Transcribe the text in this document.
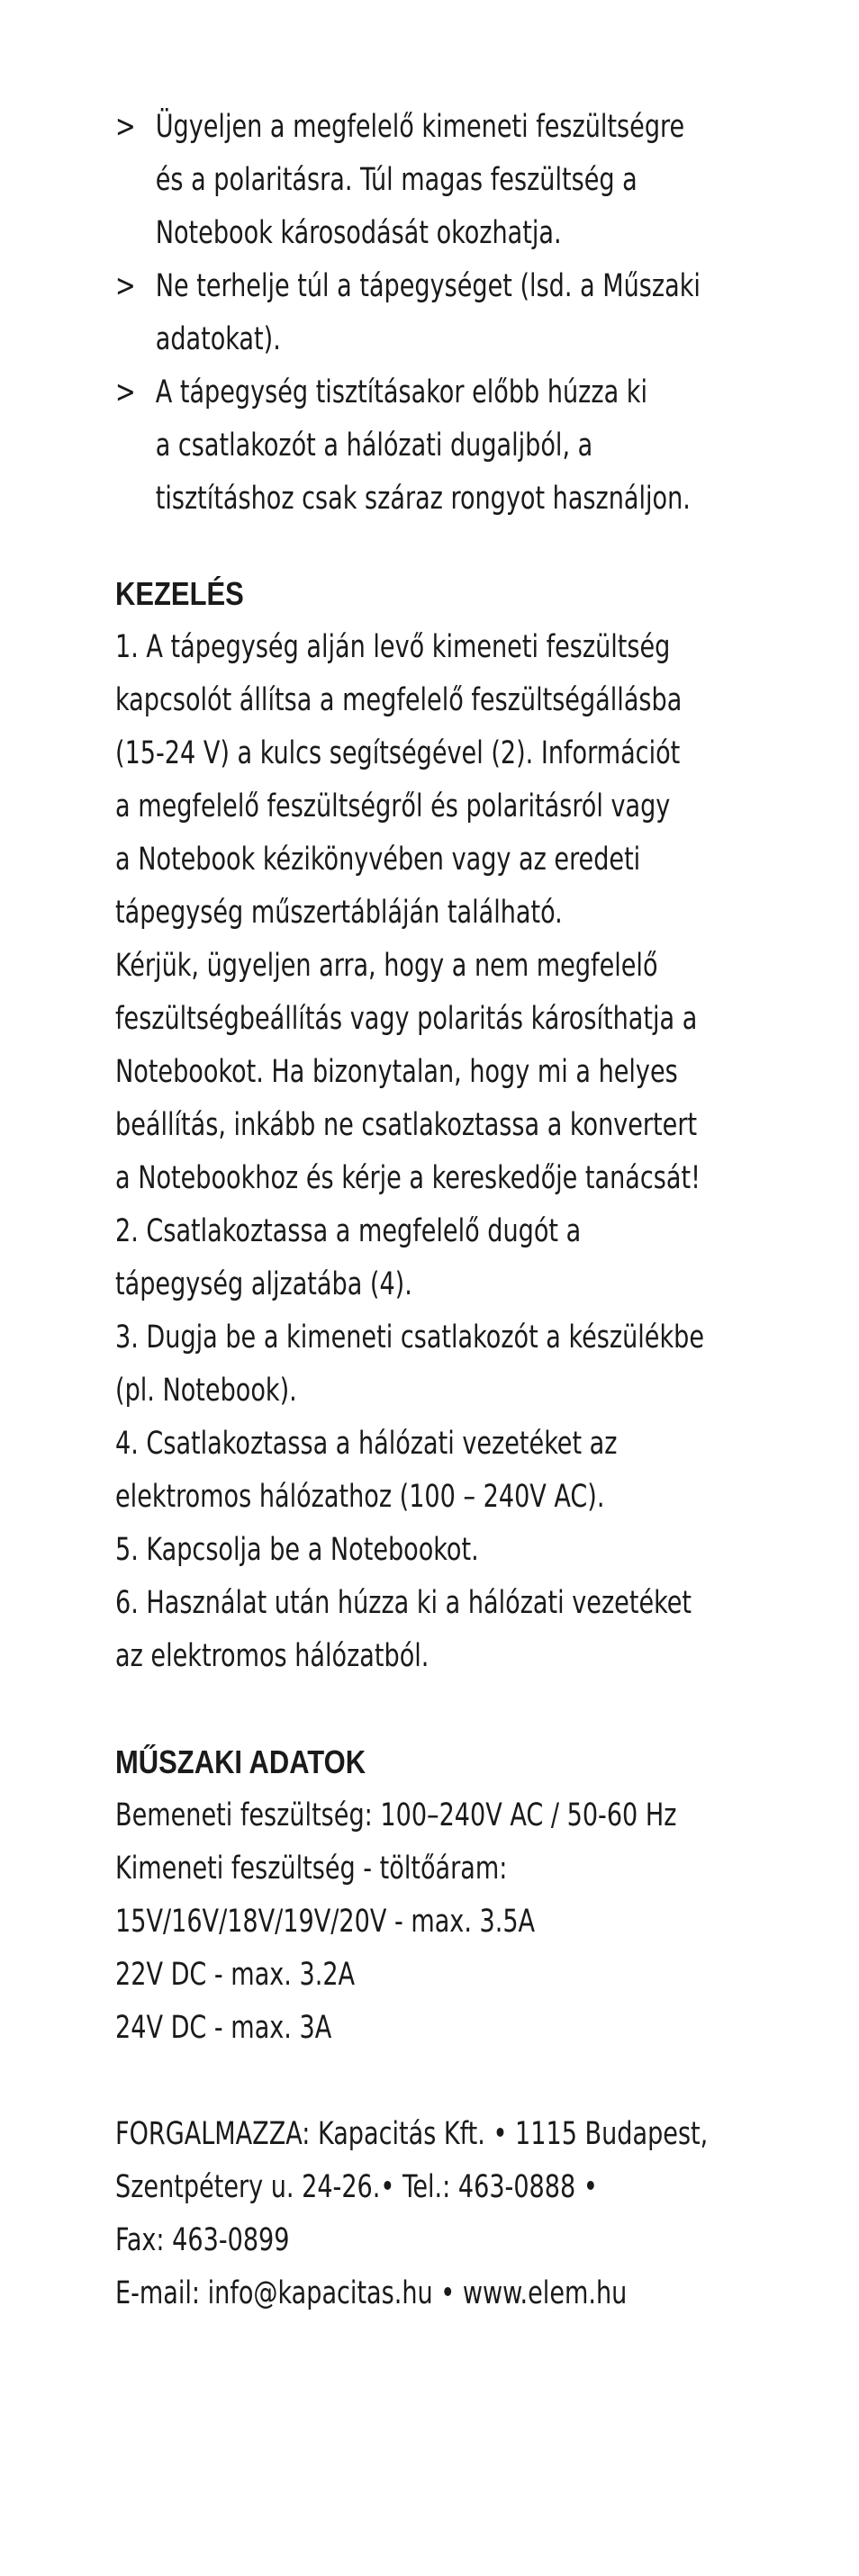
> Ügyeljen a megfelelő kimeneti feszültségre
és a polaritásra. Túl magas feszültség a
Notebook károsodását okozhatja.
> Ne terhelje túl a tápegységet (lsd. a Műszaki
adatokat).
> A tápegység tisztításakor előbb húzza ki
a csatlakozót a hálózati dugaljból, a
tisztításhoz csak száraz rongyot használjon.
KEZELÉS

1. A tápegység alján levő kimeneti feszültség
kapcsolót állítsa a megfelelő feszültségállásba
(15-24 V) a kulcs segítségével (2). Információt
a megfelelő feszültségről és polaritásról vagy
a Notebook kézikönyvében vagy az eredeti
tápegység műszertábláján található.
Kérjük, ügyeljen arra, hogy a nem megfelelő
feszültségbeállítás vagy polaritás károsíthatja a
Notebookot. Ha bizonytalan, hogy mi a helyes
beállítás, inkább ne csatlakoztassa a konvertert
a Notebookhoz és kérje a kereskedője tanácsát!
2. Csatlakoztassa a megfelelő dugót a
tápegység aljzatába (4).
3. Dugja be a kimeneti csatlakozót a készülékbe
(pl. Notebook).
4. Csatlakoztassa a hálózati vezetéket az
elektromos hálózathoz (100 – 240V AC).
5. Kapcsolja be a Notebookot.
6. Használat után húzza ki a hálózati vezetéket
az elektromos hálózatból.

MŰSZAKI ADATOK

Bemeneti feszültség: 100–240V AC / 50-60 Hz
Kimeneti feszültség - töltőáram:
15V/16V/18V/19V/20V - max. 3.5A
22V DC - max. 3.2A
24V DC - max. 3A

FORGALMAZZA: Kapacitás Kft. • 1115 Budapest,
Szentpétery u. 24-26.• Tel.: 463-0888 •
Fax: 463-0899
E-mail: info@kapacitas.hu • www.elem.hu
